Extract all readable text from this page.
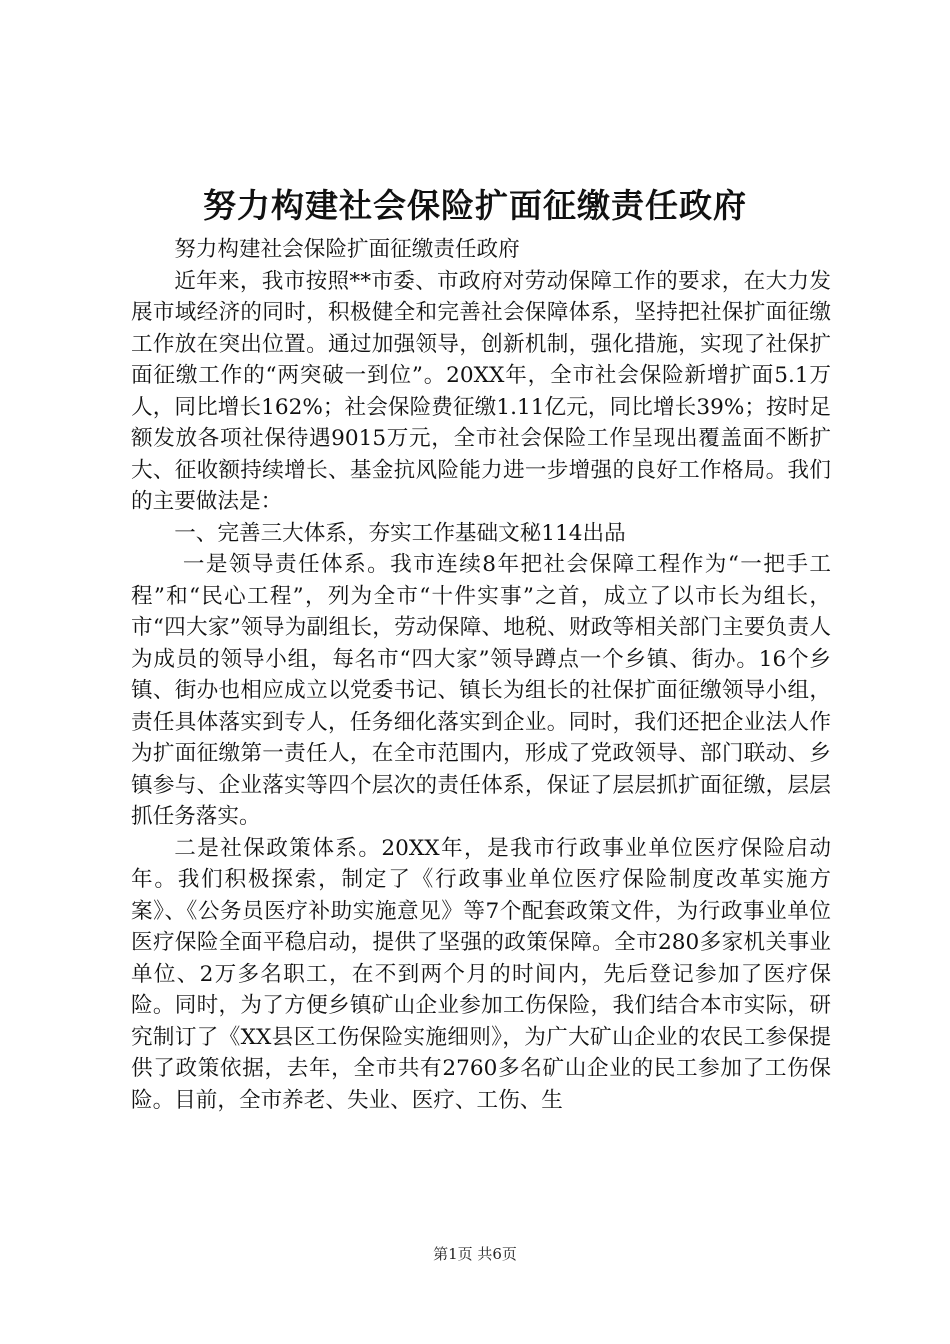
努力构建社会保险扩面征缴责任政府

努力构建社会保险扩面征缴责任政府

近年来，我市按照**市委、市政府对劳动保障工作的要求，在大力发展市域经济的同时，积极健全和完善社会保障体系，坚持把社保扩面征缴工作放在突出位置。通过加强领导，创新机制，强化措施，实现了社保扩面征缴工作的“两突破一到位”。20XX年，全市社会保险新增扩面5.1万人，同比增长162%；社会保险费征缴1.11亿元，同比增长39%；按时足额发放各项社保待遇9015万元，全市社会保险工作呈现出覆盖面不断扩大、征收额持续增长、基金抗风险能力进一步增强的良好工作格局。我们的主要做法是：

一、完善三大体系，夯实工作基础文秘114出品

一是领导责任体系。我市连续8年把社会保障工程作为“一把手工程”和“民心工程”，列为全市“十件实事”之首，成立了以市长为组长，市“四大家”领导为副组长，劳动保障、地税、财政等相关部门主要负责人为成员的领导小组，每名市“四大家”领导蹲点一个乡镇、街办。16个乡镇、街办也相应成立以党委书记、镇长为组长的社保扩面征缴领导小组，责任具体落实到专人，任务细化落实到企业。同时，我们还把企业法人作为扩面征缴第一责任人，在全市范围内，形成了党政领导、部门联动、乡镇参与、企业落实等四个层次的责任体系，保证了层层抓扩面征缴，层层抓任务落实。

二是社保政策体系。20XX年，是我市行政事业单位医疗保险启动年。我们积极探索，制定了《行政事业单位医疗保险制度改革实施方案》、《公务员医疗补助实施意见》等7个配套政策文件，为行政事业单位医疗保险全面平稳启动，提供了坚强的政策保障。全市280多家机关事业单位、2万多名职工，在不到两个月的时间内，先后登记参加了医疗保险。同时，为了方便乡镇矿山企业参加工伤保险，我们结合本市实际，研究制订了《XX县区工伤保险实施细则》，为广大矿山企业的农民工参保提供了政策依据，去年，全市共有2760多名矿山企业的民工参加了工伤保险。目前，全市养老、失业、医疗、工伤、生

第1页 共6页
